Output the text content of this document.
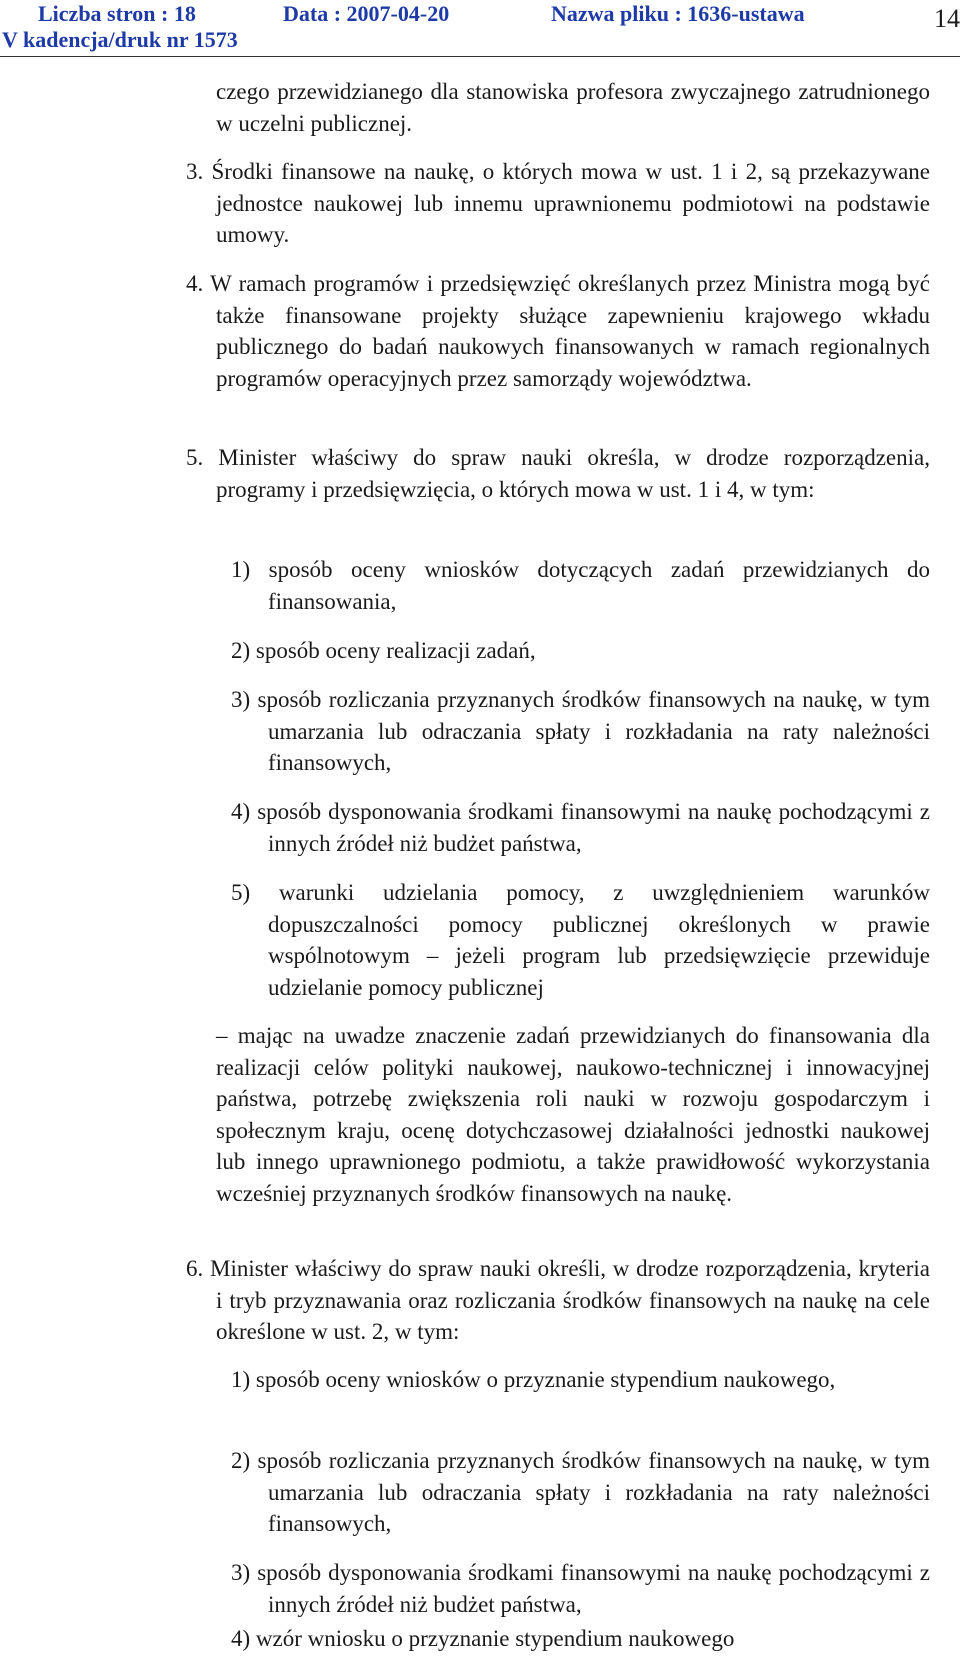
Liczba stron : 18	Data : 2007-04-20	Nazwa pliku : 1636-ustawa
V kadencja/druk nr 1573
14

czego przewidzianego dla stanowiska profesora zwyczajnego zatrudnionego w uczelni publicznej.

3. Środki finansowe na naukę, o których mowa w ust. 1 i 2, są przekazywane jednostce naukowej lub innemu uprawnionemu podmiotowi na podstawie umowy.

4. W ramach programów i przedsięwzięć określanych przez Ministra mogą być także finansowane projekty służące zapewnieniu krajowego wkładu publicznego do badań naukowych finansowanych w ramach regionalnych programów operacyjnych przez samorządy województwa.

5. Minister właściwy do spraw nauki określa, w drodze rozporządzenia, programy i przedsięwzięcia, o których mowa w ust. 1 i 4, w tym:

1) sposób oceny wniosków dotyczących zadań przewidzianych do finansowania,

2) sposób oceny realizacji zadań,

3) sposób rozliczania przyznanych środków finansowych na naukę, w tym umarzania lub odraczania spłaty i rozkładania na raty należności finansowych,

4) sposób dysponowania środkami finansowymi na naukę pochodzącymi z innych źródeł niż budżet państwa,

5) warunki udzielania pomocy, z uwzględnieniem warunków dopuszczalności pomocy publicznej określonych w prawie wspólnotowym – jeżeli program lub przedsięwzięcie przewiduje udzielanie pomocy publicznej

– mając na uwadze znaczenie zadań przewidzianych do finansowania dla realizacji celów polityki naukowej, naukowo-technicznej i innowacyjnej państwa, potrzebę zwiększenia roli nauki w rozwoju gospodarczym i społecznym kraju, ocenę dotychczasowej działalności jednostki naukowej lub innego uprawnionego podmiotu, a także prawidłowość wykorzystania wcześniej przyznanych środków finansowych na naukę.

6. Minister właściwy do spraw nauki określi, w drodze rozporządzenia, kryteria i tryb przyznawania oraz rozliczania środków finansowych na naukę na cele określone w ust. 2, w tym:

1) sposób oceny wniosków o przyznanie stypendium naukowego,

2) sposób rozliczania przyznanych środków finansowych na naukę, w tym umarzania lub odraczania spłaty i rozkładania na raty należności finansowych,

3) sposób dysponowania środkami finansowymi na naukę pochodzącymi z innych źródeł niż budżet państwa,

4) wzór wniosku o przyznanie stypendium naukowego
